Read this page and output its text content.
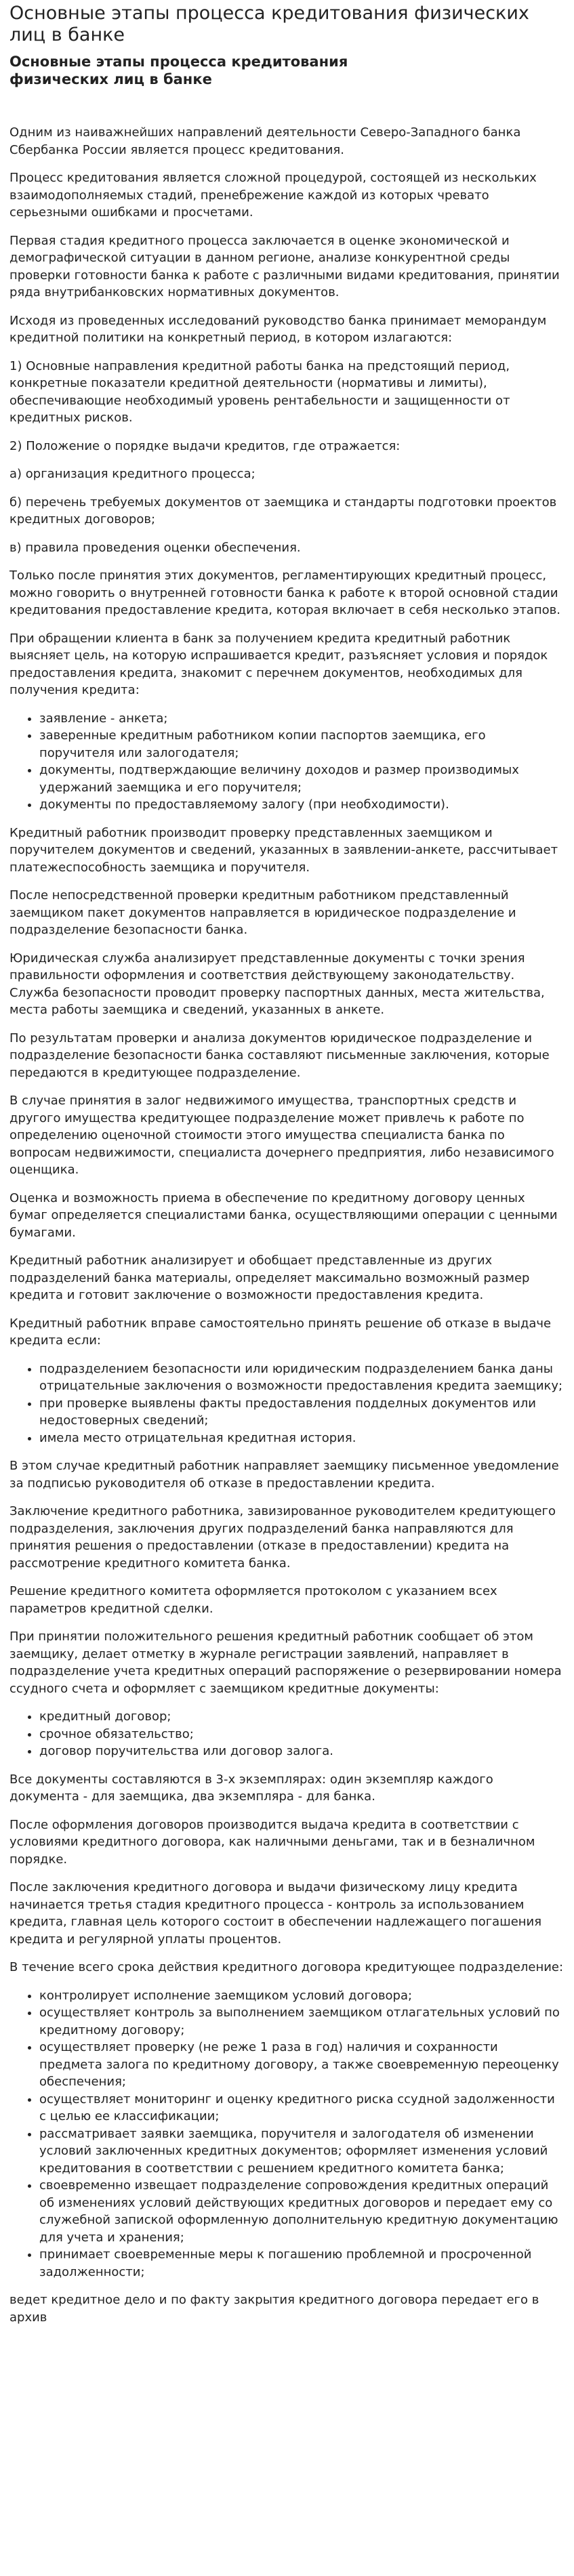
Основные этапы процесса кредитования физических лиц в банке
Основные этапы процесса кредитования физических лиц в банке

Одним из наиважнейших направлений деятельности Северо-Западного банка Сбербанка России является процесс кредитования.

Процесс кредитования является сложной процедурой, состоящей из нескольких взаимодополняемых стадий, пренебрежение каждой из которых чревато серьезными ошибками и просчетами.

Первая стадия кредитного процесса заключается в оценке экономической и демографической ситуации в данном регионе, анализе конкурентной среды проверки готовности банка к работе с различными видами кредитования, принятии ряда внутрибанковских нормативных документов.

Исходя из проведенных исследований руководство банка принимает меморандум кредитной политики на конкретный период, в котором излагаются:

1) Основные направления кредитной работы банка на предстоящий период, конкретные показатели кредитной деятельности (нормативы и лимиты), обеспечивающие необходимый уровень рентабельности и защищенности от кредитных рисков.

2) Положение о порядке выдачи кредитов, где отражается:

а) организация кредитного процесса;

б) перечень требуемых документов от заемщика и стандарты подготовки проектов кредитных договоров;

в) правила проведения оценки обеспечения.

Только после принятия этих документов, регламентирующих кредитный процесс, можно говорить о внутренней готовности банка к работе к второй основной стадии кредитования предоставление кредита, которая включает в себя несколько этапов.

При обращении клиента в банк за получением кредита кредитный работник выясняет цель, на которую испрашивается кредит, разъясняет условия и порядок предоставления кредита, знакомит с перечнем документов, необходимых для получения кредита:

• заявление - анкета;
• заверенные кредитным работником копии паспортов заемщика, его поручителя или залогодателя;
• документы, подтверждающие величину доходов и размер производимых удержаний заемщика и его поручителя;
• документы по предоставляемому залогу (при необходимости).

Кредитный работник производит проверку представленных заемщиком и поручителем документов и сведений, указанных в заявлении-анкете, рассчитывает платежеспособность заемщика и поручителя.

После непосредственной проверки кредитным работником представленный заемщиком пакет документов направляется в юридическое подразделение и подразделение безопасности банка.

Юридическая служба анализирует представленные документы с точки зрения правильности оформления и соответствия действующему законодательству. Служба безопасности проводит проверку паспортных данных, места жительства, места работы заемщика и сведений, указанных в анкете.

По результатам проверки и анализа документов юридическое подразделение и подразделение безопасности банка составляют письменные заключения, которые передаются в кредитующее подразделение.

В случае принятия в залог недвижимого имущества, транспортных средств и другого имущества кредитующее подразделение может привлечь к работе по определению оценочной стоимости этого имущества специалиста банка по вопросам недвижимости, специалиста дочернего предприятия, либо независимого оценщика.

Оценка и возможность приема в обеспечение по кредитному договору ценных бумаг определяется специалистами банка, осуществляющими операции с ценными бумагами.

Кредитный работник анализирует и обобщает представленные из других подразделений банка материалы, определяет максимально возможный размер кредита и готовит заключение о возможности предоставления кредита.

Кредитный работник вправе самостоятельно принять решение об отказе в выдаче кредита если:

• подразделением безопасности или юридическим подразделением банка даны отрицательные заключения о возможности предоставления кредита заемщику;
• при проверке выявлены факты предоставления подделных документов или недостоверных сведений;
• имела место отрицательная кредитная история.

В этом случае кредитный работник направляет заемщику письменное уведомление за подписью руководителя об отказе в предоставлении кредита.

Заключение кредитного работника, завизированное руководителем кредитующего подразделения, заключения других подразделений банка направляются для принятия решения о предоставлении (отказе в предоставлении) кредита на рассмотрение кредитного комитета банка.

Решение кредитного комитета оформляется протоколом с указанием всех параметров кредитной сделки.

При принятии положительного решения кредитный работник сообщает об этом заемщику, делает отметку в журнале регистрации заявлений, направляет в подразделение учета кредитных операций распоряжение о резервировании номера ссудного счета и оформляет с заемщиком кредитные документы:

• кредитный договор;
• срочное обязательство;
• договор поручительства или договор залога.

Все документы составляются в 3-х экземплярах: один экземпляр каждого документа - для заемщика, два экземпляра - для банка.

После оформления договоров производится выдача кредита в соответствии с условиями кредитного договора, как наличными деньгами, так и в безналичном порядке.

После заключения кредитного договора и выдачи физическому лицу кредита начинается третья стадия кредитного процесса - контроль за использованием кредита, главная цель которого состоит в обеспечении надлежащего погашения кредита и регулярной уплаты процентов.

В течение всего срока действия кредитного договора кредитующее подразделение:

• контролирует исполнение заемщиком условий договора;
• осуществляет контроль за выполнением заемщиком отлагательных условий по кредитному договору;
• осуществляет проверку (не реже 1 раза в год) наличия и сохранности предмета залога по кредитному договору, а также своевременную переоценку обеспечения;
• осуществляет мониторинг и оценку кредитного риска ссудной задолженности с целью ее классификации;
• рассматривает заявки заемщика, поручителя и залогодателя об изменении условий заключенных кредитных документов; оформляет изменения условий кредитования в соответствии с решением кредитного комитета банка;
• своевременно извещает подразделение сопровождения кредитных операций об изменениях условий действующих кредитных договоров и передает ему со служебной запиской оформленную дополнительную кредитную документацию для учета и хранения;
• принимает своевременные меры к погашению проблемной и просроченной задолженности;

ведет кредитное дело и по факту закрытия кредитного договора передает его в архив
